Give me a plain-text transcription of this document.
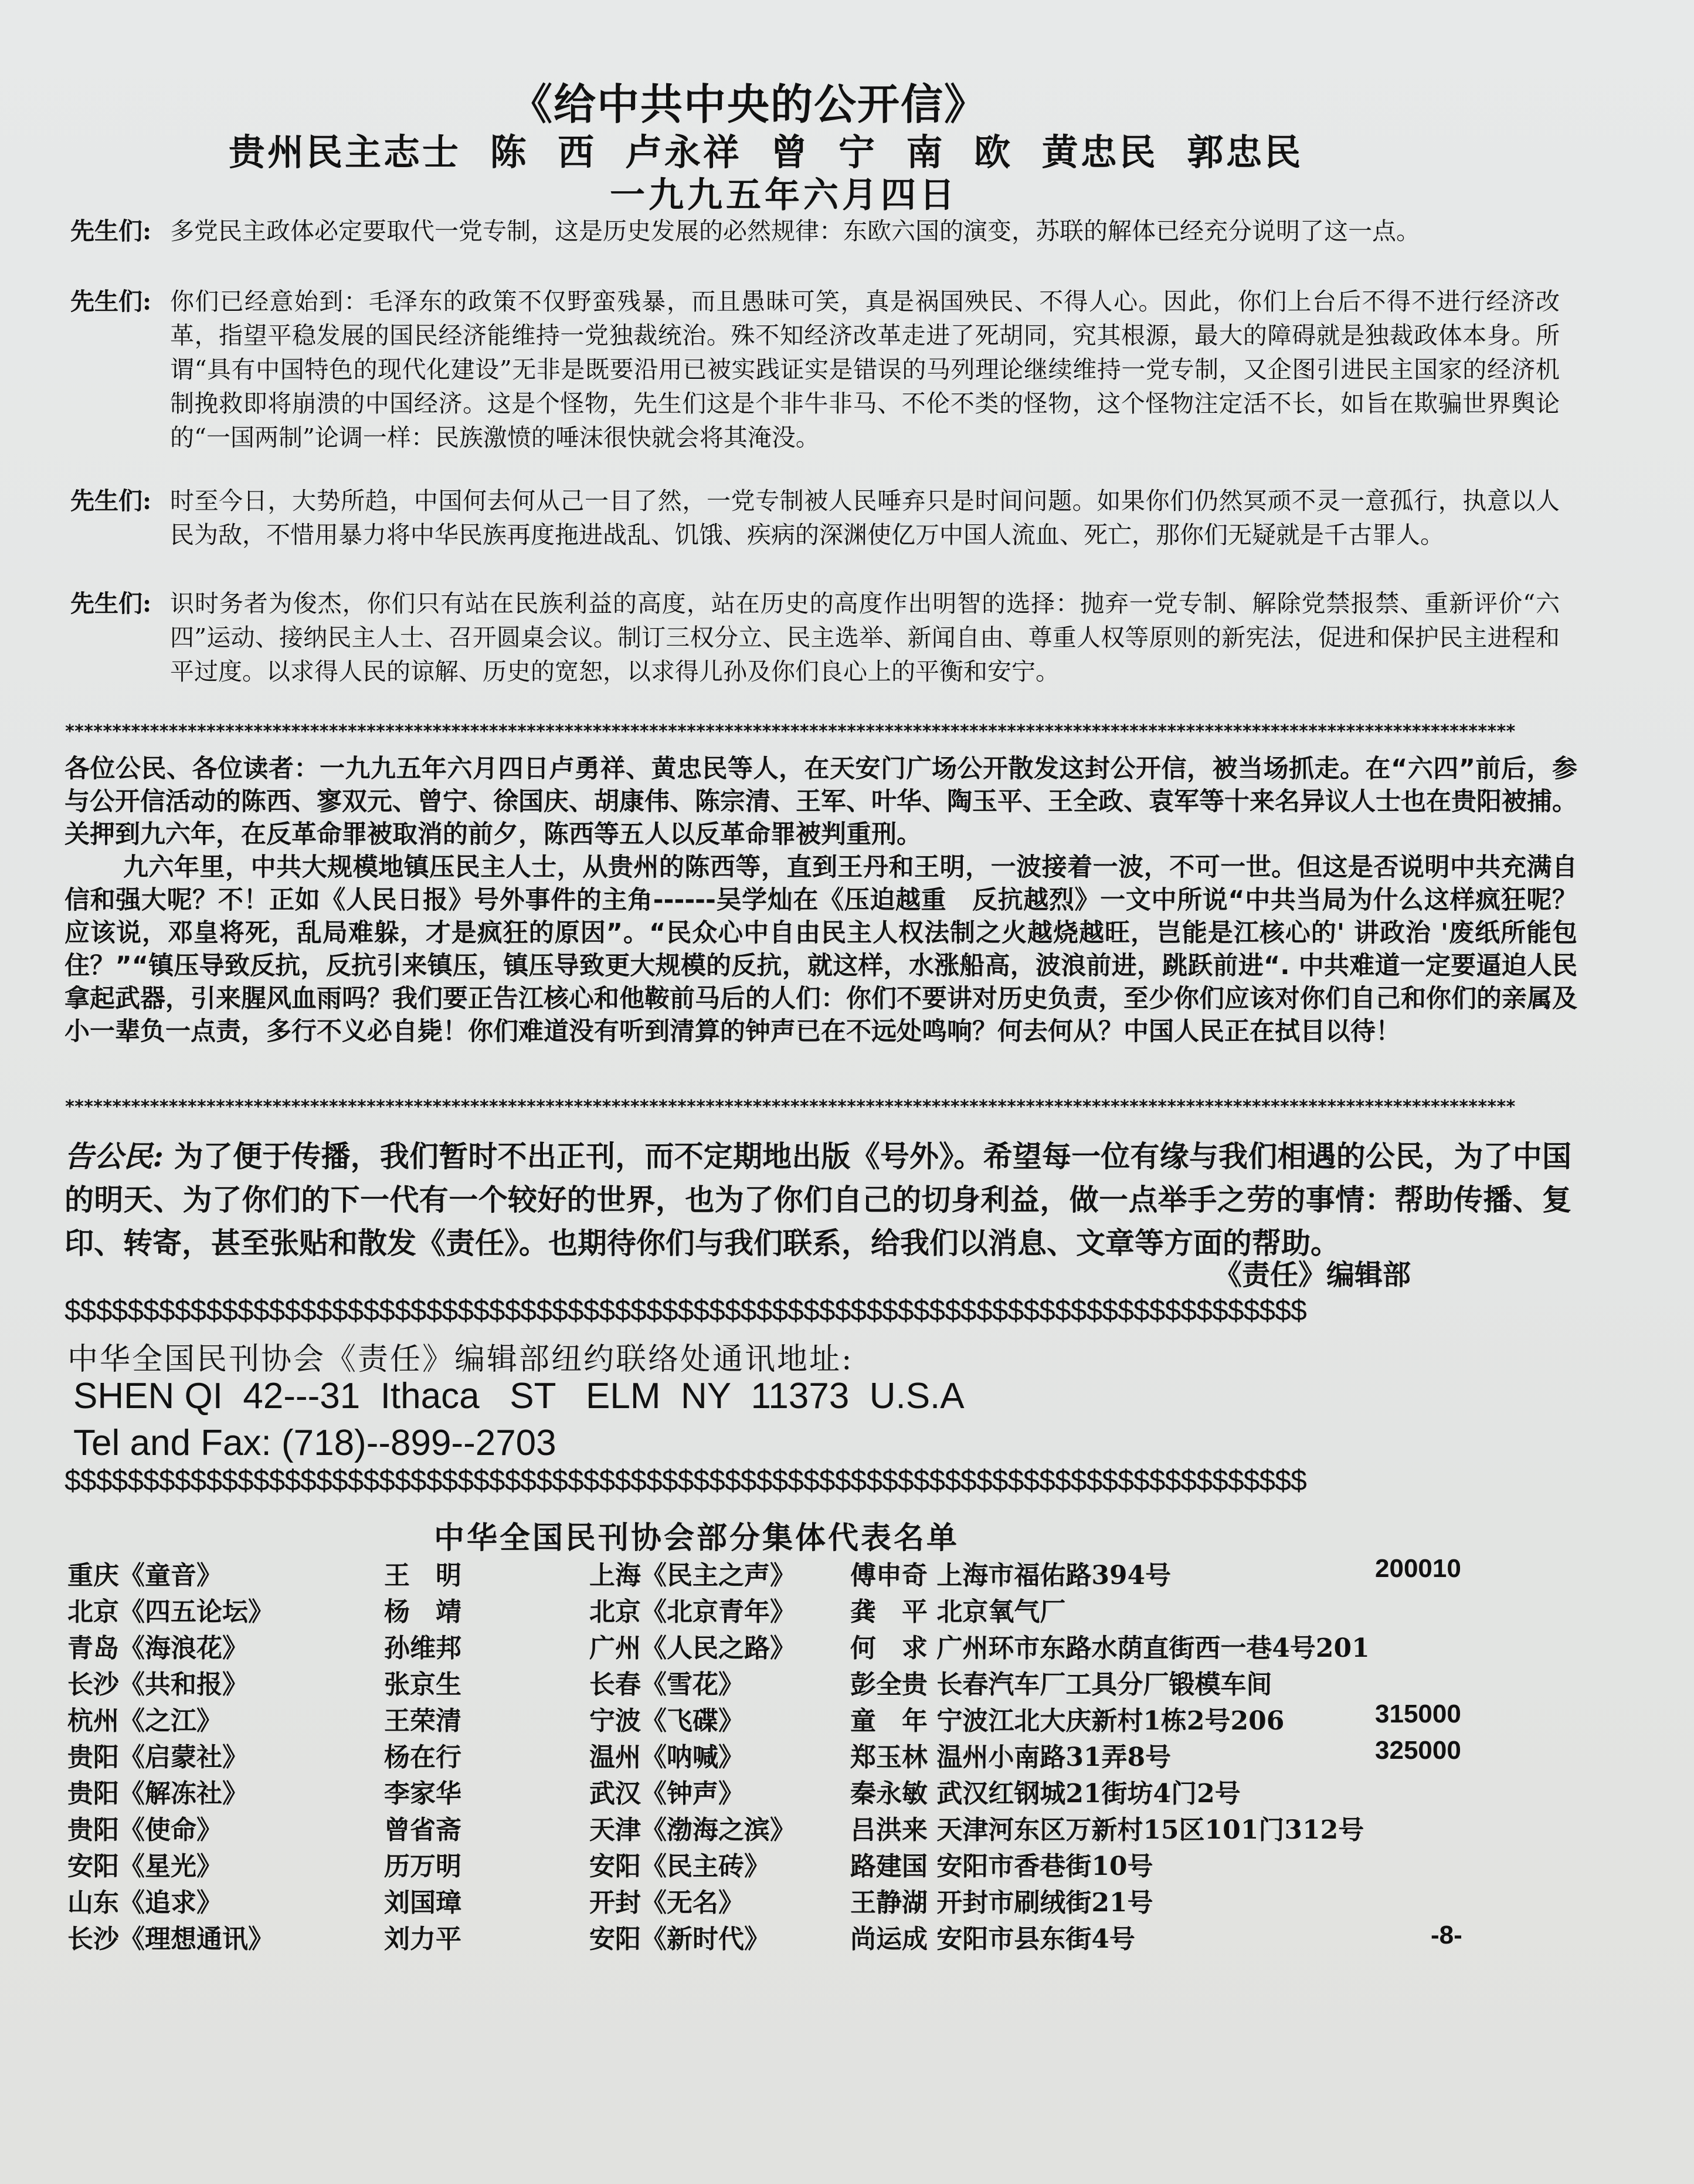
《给中共中央的公开信》
贵州民主志士 陈 西 卢永祥 曾 宁 南 欧 黄忠民 郭忠民
一九九五年六月四日
先生们: 多党民主政体必定要取代一党专制，这是历史发展的必然规律：东欧六国的演变，苏联的解体已经充分说明了这一点。
先生们: 你们已经意始到：毛泽东的政策不仅野蛮残暴，而且愚昧可笑，真是祸国殃民、不得人心。因此，你们上台后不得不进行经济改革，指望平稳发展的国民经济能维持一党独裁统治。殊不知经济改革走进了死胡同，究其根源，最大的障碍就是独裁政体本身。所谓“具有中国特色的现代化建设”无非是既要沿用已被实践证实是错误的马列理论继续维持一党专制，又企图引进民主国家的经济机制挽救即将崩溃的中国经济。这是个怪物，先生们这是个非牛非马、不伦不类的怪物，这个怪物注定活不长，如旨在欺骗世界舆论的“一国两制”论调一样：民族激愤的唾沫很快就会将其淹没。
先生们: 时至今日，大势所趋，中国何去何从己一目了然，一党专制被人民唾弃只是时间问题。如果你们仍然冥顽不灵一意孤行，执意以人民为敌，不惜用暴力将中华民族再度拖进战乱、饥饿、疾病的深渊使亿万中国人流血、死亡，那你们无疑就是千古罪人。
先生们: 识时务者为俊杰，你们只有站在民族利益的高度，站在历史的高度作出明智的选择：抛弃一党专制、解除党禁报禁、重新评价“六四”运动、接纳民主人士、召开圆桌会议。制订三权分立、民主选举、新闻自由、尊重人权等原则的新宪法，促进和保护民主进程和平过度。以求得人民的谅解、历史的宽恕，以求得儿孙及你们良心上的平衡和安宁。
**********************************************************************************************************************************************************

各位公民、各位读者：一九九五年六月四日卢勇祥、黄忠民等人，在天安门广场公开散发这封公开信，被当场抓走。在“六四”前后，参与公开信活动的陈西、寥双元、曾宁、徐国庆、胡康伟、陈宗清、王军、叶华、陶玉平、王全政、袁军等十来名异议人士也在贵阳被捕。关押到九六年，在反革命罪被取消的前夕，陈西等五人以反革命罪被判重刑。

九六年里，中共大规模地镇压民主人士，从贵州的陈西等，直到王丹和王明，一波接着一波，不可一世。但这是否说明中共充满自信和强大呢？不！正如《人民日报》号外事件的主角------吴学灿在《压迫越重　反抗越烈》一文中所说“中共当局为什么这样疯狂呢？应该说，邓皇将死，乱局难躲，才是疯狂的原因”。“民众心中自由民主人权法制之火越烧越旺，岂能是江核心的' 讲政治 '废纸所能包住？”“镇压导致反抗，反抗引来镇压，镇压导致更大规模的反抗，就这样，水涨船高，波浪前进，跳跃前进“. 中共难道一定要逼迫人民拿起武器，引来腥风血雨吗？我们要正告江核心和他鞍前马后的人们：你们不要讲对历史负责，至少你们应该对你们自己和你们的亲属及小一辈负一点责，多行不义必自毙！你们难道没有听到清算的钟声已在不远处鸣响？何去何从？中国人民正在拭目以待！

**********************************************************************************************************************************************************
告公民: 为了便于传播，我们暂时不出正刊，而不定期地出版《号外》。希望每一位有缘与我们相遇的公民，为了中国的明天、为了你们的下一代有一个较好的世界，也为了你们自己的切身利益，做一点举手之劳的事情：帮助传播、复印、转寄，甚至张贴和散发《责任》。也期待你们与我们联系，给我们以消息、文章等方面的帮助。
《责任》编辑部
$$$$$$$$$$$$$$$$$$$$$$$$$$$$$$$$$$$$$$$$$$$$$$$$$$$$$$$$$$$$$$$$$$$$$$$$$$$$$$$
中华全国民刊协会《责任》编辑部纽约联络处通讯地址:
SHEN QI  42---31  Ithaca   ST   ELM  NY  11373  U.S.A
Tel and Fax: (718)--899--2703
$$$$$$$$$$$$$$$$$$$$$$$$$$$$$$$$$$$$$$$$$$$$$$$$$$$$$$$$$$$$$$$$$$$$$$$$$$$$$$$
中华全国民刊协会部分集体代表名单
重庆《童音》	王　明	上海《民主之声》 傅申奇 上海市福佑路394号	200010
北京《四五论坛》	杨　靖	北京《北京青年》 龚　平 北京氧气厂
青岛《海浪花》	孙维邦	广州《人民之路》 何　求 广州环市东路水荫直街西一巷4号201
长沙《共和报》	张京生	长春《雪花》	彭全贵 长春汽车厂工具分厂锻模车间
杭州《之江》	王荣清	宁波《飞碟》	童　年 宁波江北大庆新村1栋2号206	315000
贵阳《启蒙社》	杨在行	温州《呐喊》	郑玉林 温州小南路31弄8号	325000
贵阳《解冻社》	李家华	武汉《钟声》	秦永敏 武汉红钢城21街坊4门2号
贵阳《使命》	曾省斋	天津《渤海之滨》 吕洪来 天津河东区万新村15区101门312号
安阳《星光》	历万明	安阳《民主砖》	路建国 安阳市香巷街10号
山东《追求》	刘国璋	开封《无名》	王静湖 开封市刷绒街21号
长沙《理想通讯》	刘力平	安阳《新时代》	尚运成 安阳市县东街4号	-8-
